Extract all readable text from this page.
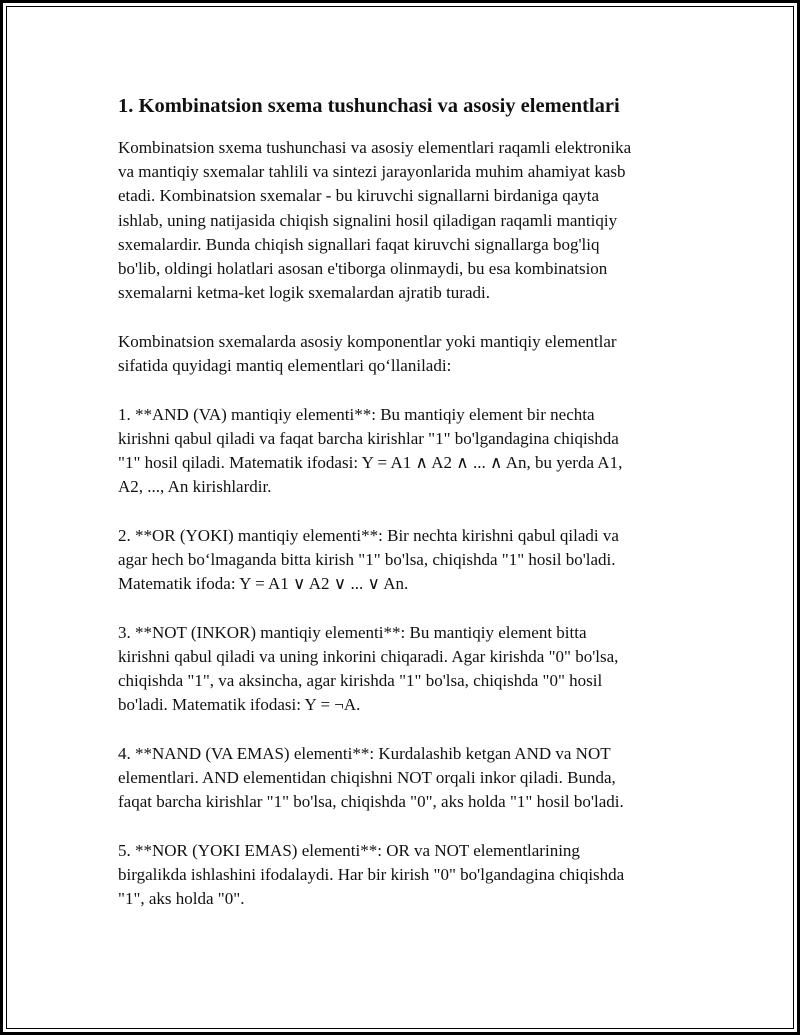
1. Kombinatsion sxema tushunchasi va asosiy elementlari
Kombinatsion sxema tushunchasi va asosiy elementlari raqamli elektronika
va mantiqiy sxemalar tahlili va sintezi jarayonlarida muhim ahamiyat kasb
etadi. Kombinatsion sxemalar - bu kiruvchi signallarni birdaniga qayta
ishlab, uning natijasida chiqish signalini hosil qiladigan raqamli mantiqiy
sxemalardir. Bunda chiqish signallari faqat kiruvchi signallarga bog'liq
bo'lib, oldingi holatlari asosan e'tiborga olinmaydi, bu esa kombinatsion
sxemalarni ketma-ket logik sxemalardan ajratib turadi.
Kombinatsion sxemalarda asosiy komponentlar yoki mantiqiy elementlar
sifatida quyidagi mantiq elementlari qo‘llaniladi:
1. **AND (VA) mantiqiy elementi**: Bu mantiqiy element bir nechta
kirishni qabul qiladi va faqat barcha kirishlar "1" bo'lgandagina chiqishda
"1" hosil qiladi. Matematik ifodasi: Y = A1 ∧ A2 ∧ ... ∧ An, bu yerda A1,
A2, ..., An kirishlardir.
2. **OR (YOKI) mantiqiy elementi**: Bir nechta kirishni qabul qiladi va
agar hech bo‘lmaganda bitta kirish "1" bo'lsa, chiqishda "1" hosil bo'ladi.
Matematik ifoda: Y = A1 ∨ A2 ∨ ... ∨ An.
3. **NOT (INKOR) mantiqiy elementi**: Bu mantiqiy element bitta
kirishni qabul qiladi va uning inkorini chiqaradi. Agar kirishda "0" bo'lsa,
chiqishda "1", va aksincha, agar kirishda "1" bo'lsa, chiqishda "0" hosil
bo'ladi. Matematik ifodasi: Y = ¬A.
4. **NAND (VA EMAS) elementi**: Kurdalashib ketgan AND va NOT
elementlari. AND elementidan chiqishni NOT orqali inkor qiladi. Bunda,
faqat barcha kirishlar "1" bo'lsa, chiqishda "0", aks holda "1" hosil bo'ladi.
5. **NOR (YOKI EMAS) elementi**: OR va NOT elementlarining
birgalikda ishlashini ifodalaydi. Har bir kirish "0" bo'lgandagina chiqishda
"1", aks holda "0".
